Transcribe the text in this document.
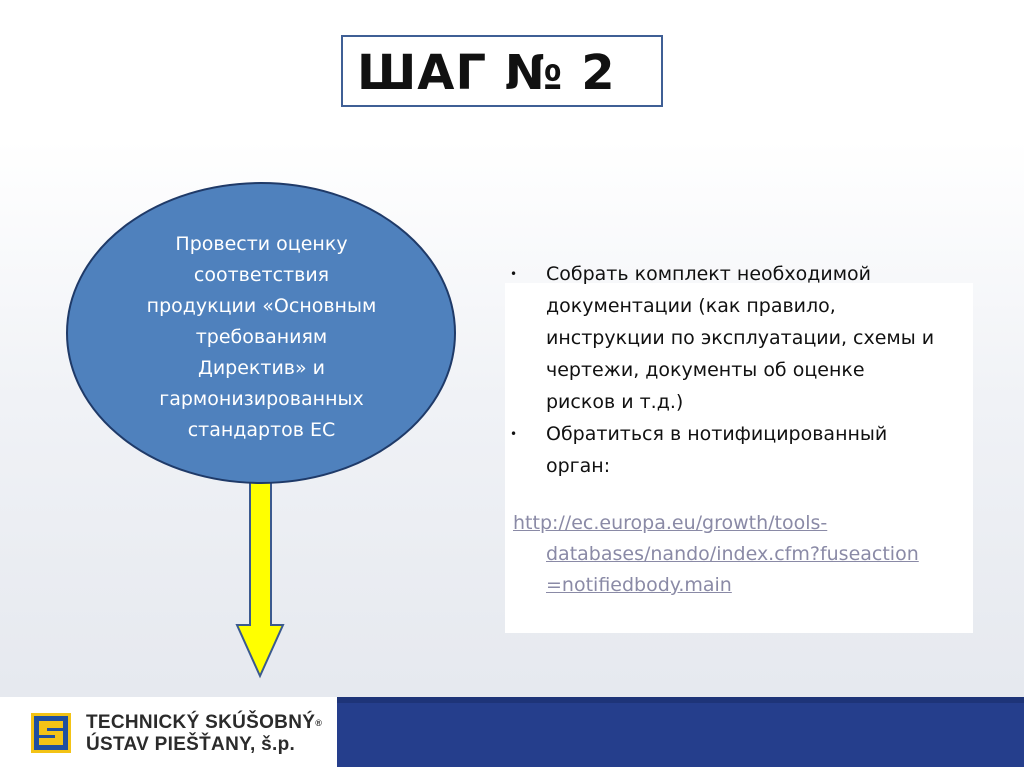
ШАГ № 2
Провести оценку
соответствия
продукции «Основным
требованиям
Директив» и
гармонизированных
стандартов ЕС
• Собрать комплект необходимой
документации (как правило,
инструкции по эксплуатации, схемы и
чертежи, документы об оценке
рисков и т.д.)
• Обратиться в нотифицированный
орган:
http://ec.europa.eu/growth/tools-
databases/nando/index.cfm?fuseaction
=notifiedbody.main
TECHNICKÝ SKÚŠOBNÝ®
ÚSTAV PIEŠŤANY, š.p.
